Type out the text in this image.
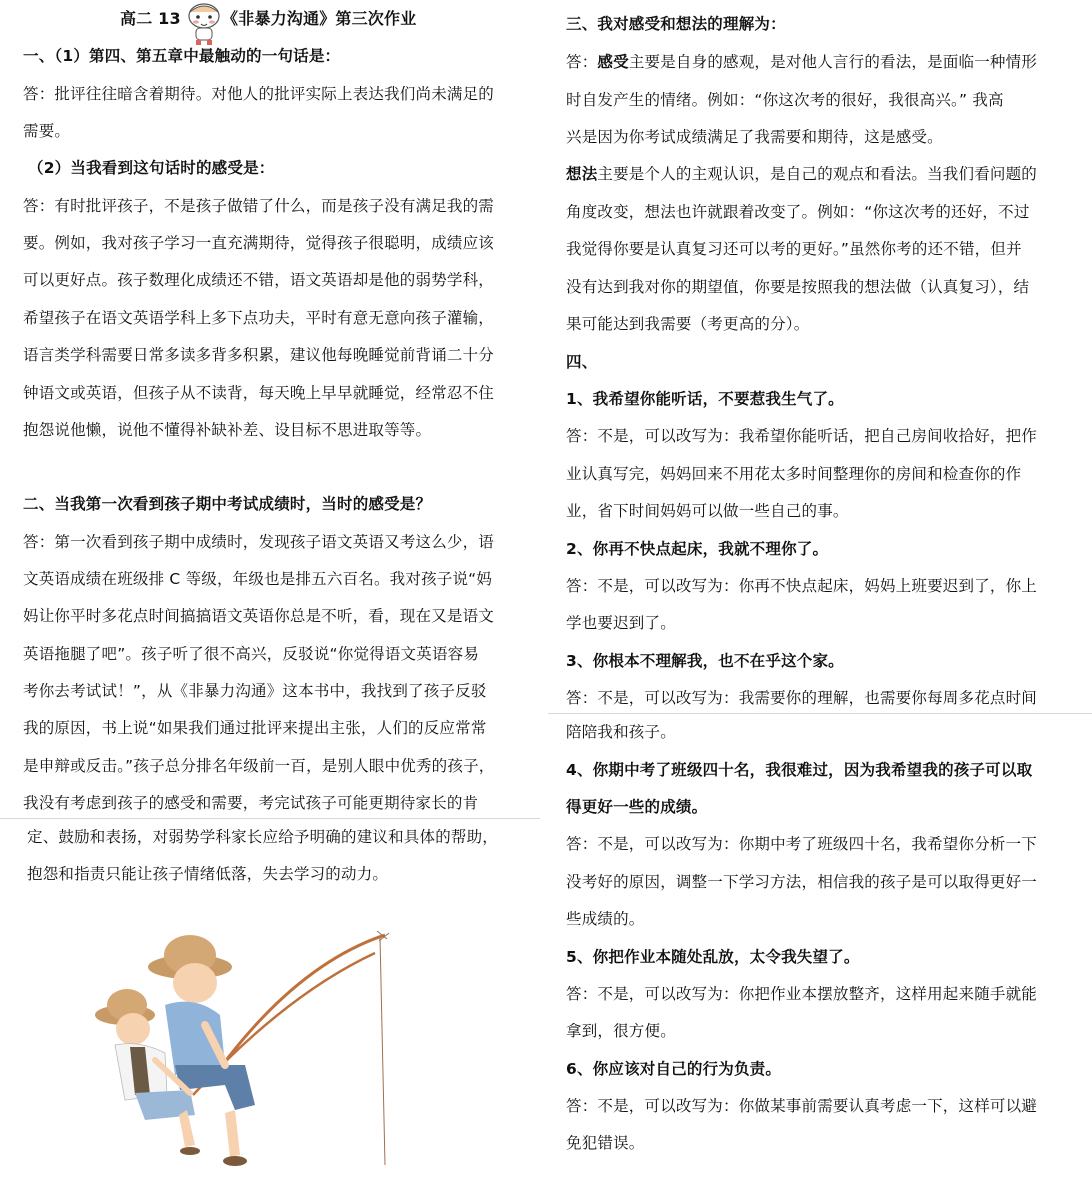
高二 13	《非暴力沟通》第三次作业
一、（1）第四、第五章中最触动的一句话是：
答：批评往往暗含着期待。对他人的批评实际上表达我们尚未满足的
需要。
（2）当我看到这句话时的感受是：
答：有时批评孩子，不是孩子做错了什么，而是孩子没有满足我的需
要。例如，我对孩子学习一直充满期待，觉得孩子很聪明，成绩应该
可以更好点。孩子数理化成绩还不错，语文英语却是他的弱势学科，
希望孩子在语文英语学科上多下点功夫，平时有意无意向孩子灌输，
语言类学科需要日常多读多背多积累，建议他每晚睡觉前背诵二十分
钟语文或英语，但孩子从不读背，每天晚上早早就睡觉，经常忍不住
抱怨说他懒，说他不懂得补缺补差、设目标不思进取等等。
二、当我第一次看到孩子期中考试成绩时，当时的感受是？
答：第一次看到孩子期中成绩时，发现孩子语文英语又考这么少，语
文英语成绩在班级排 C 等级，年级也是排五六百名。我对孩子说“妈
妈让你平时多花点时间搞搞语文英语你总是不听，看，现在又是语文
英语拖腿了吧”。孩子听了很不高兴，反驳说“你觉得语文英语容易
考你去考试试！”，从《非暴力沟通》这本书中，我找到了孩子反驳
我的原因，书上说“如果我们通过批评来提出主张，人们的反应常常
是申辩或反击。”孩子总分排名年级前一百，是别人眼中优秀的孩子，
我没有考虑到孩子的感受和需要，考完试孩子可能更期待家长的肯
定、鼓励和表扬，对弱势学科家长应给予明确的建议和具体的帮助，
抱怨和指责只能让孩子情绪低落，失去学习的动力。
三、我对感受和想法的理解为：
答：感受主要是自身的感观，是对他人言行的看法，是面临一种情形
时自发产生的情绪。例如：“你这次考的很好，我很高兴。” 我高
兴是因为你考试成绩满足了我需要和期待，这是感受。
想法主要是个人的主观认识，是自己的观点和看法。当我们看问题的
角度改变，想法也许就跟着改变了。例如：“你这次考的还好，不过
我觉得你要是认真复习还可以考的更好。”虽然你考的还不错，但并
没有达到我对你的期望值，你要是按照我的想法做（认真复习），结
果可能达到我需要（考更高的分）。
四、
1、我希望你能听话，不要惹我生气了。
答：不是，可以改写为：我希望你能听话，把自己房间收拾好，把作
业认真写完，妈妈回来不用花太多时间整理你的房间和检查你的作
业，省下时间妈妈可以做一些自己的事。
2、你再不快点起床，我就不理你了。
答：不是，可以改写为：你再不快点起床，妈妈上班要迟到了，你上
学也要迟到了。
3、你根本不理解我，也不在乎这个家。
答：不是，可以改写为：我需要你的理解，也需要你每周多花点时间
陪陪我和孩子。
4、你期中考了班级四十名，我很难过，因为我希望我的孩子可以取
得更好一些的成绩。
答：不是，可以改写为：你期中考了班级四十名，我希望你分析一下
没考好的原因，调整一下学习方法，相信我的孩子是可以取得更好一
些成绩的。
5、你把作业本随处乱放，太令我失望了。
答：不是，可以改写为：你把作业本摆放整齐，这样用起来随手就能
拿到，很方便。
6、你应该对自己的行为负责。
答：不是，可以改写为：你做某事前需要认真考虑一下，这样可以避
免犯错误。
